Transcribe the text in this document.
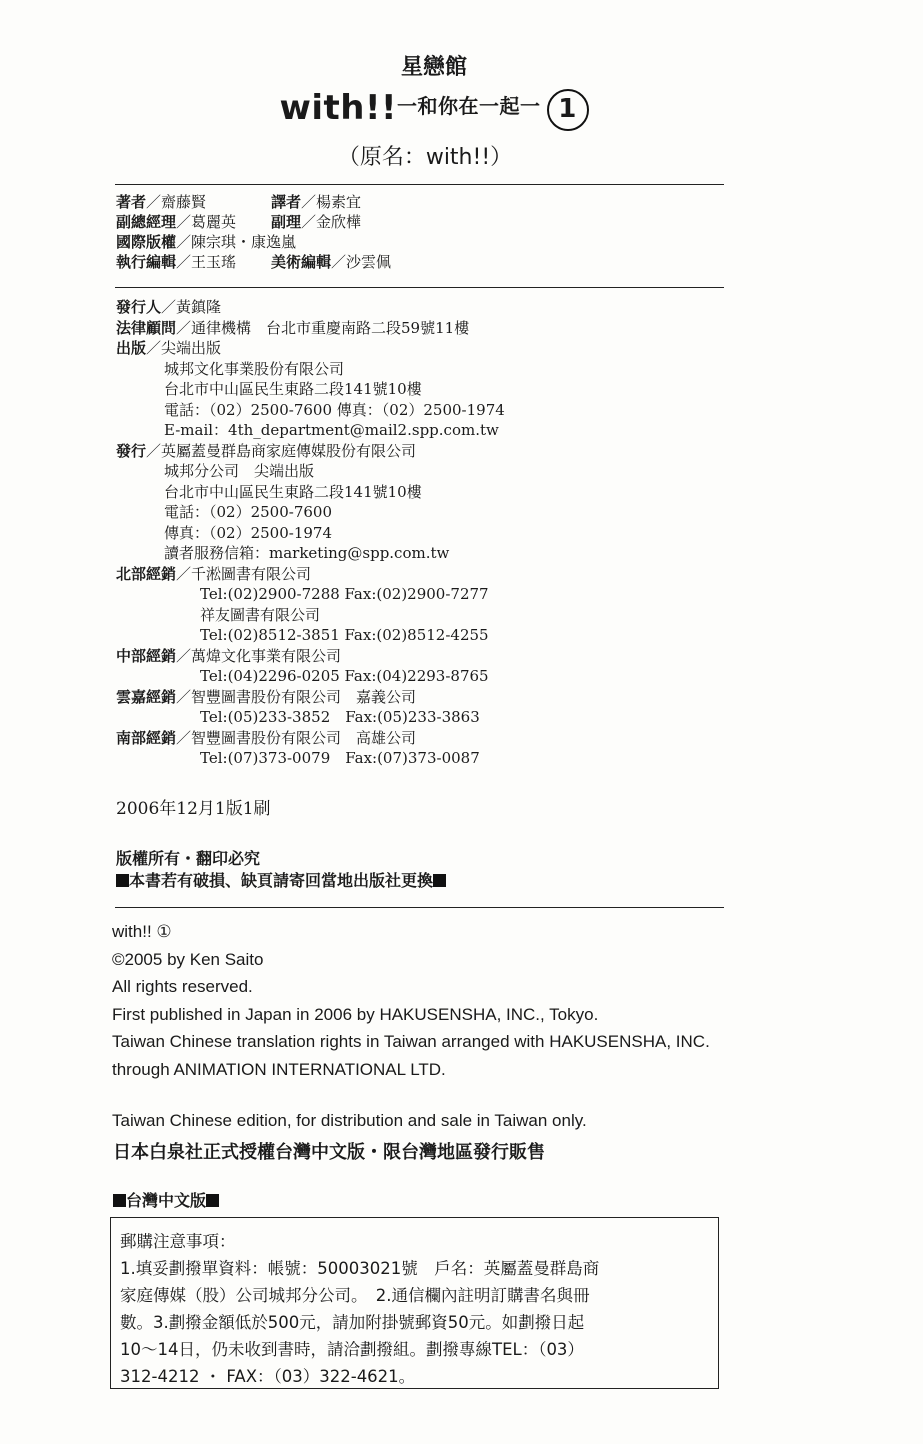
星戀館
with!!$^{一和你在一起一}$ 1
（原名：with!!）
著者／齋藤賢	譯者／楊素宜
副總經理／葛麗英 副理／金欣樺
國際版權／陳宗琪・康逸嵐
執行編輯／王玉瑤 美術編輯／沙雲佩
發行人／黃鎮隆
法律顧問／通律機構　台北市重慶南路二段59號11樓
出版／尖端出版
城邦文化事業股份有限公司
台北市中山區民生東路二段141號10樓
電話：（02）2500-7600 傳真：（02）2500-1974
E-mail：4th_department@mail2.spp.com.tw
發行／英屬蓋曼群島商家庭傳媒股份有限公司
城邦分公司　尖端出版
台北市中山區民生東路二段141號10樓
電話：（02）2500-7600
傳真：（02）2500-1974
讀者服務信箱：marketing@spp.com.tw
北部經銷／千淞圖書有限公司
Tel:(02)2900-7288 Fax:(02)2900-7277
祥友圖書有限公司
Tel:(02)8512-3851 Fax:(02)8512-4255
中部經銷／萬煒文化事業有限公司
Tel:(04)2296-0205 Fax:(04)2293-8765
雲嘉經銷／智豐圖書股份有限公司　嘉義公司
Tel:(05)233-3852　Fax:(05)233-3863
南部經銷／智豐圖書股份有限公司　高雄公司
Tel:(07)373-0079　Fax:(07)373-0087
2006年12月1版1刷
版權所有・翻印必究
本書若有破損、缺頁請寄回當地出版社更換
with!! ①
©2005 by Ken Saito
All rights reserved.
First published in Japan in 2006 by HAKUSENSHA, INC., Tokyo.
Taiwan Chinese translation rights in Taiwan arranged with HAKUSENSHA, INC.
through ANIMATION INTERNATIONAL LTD.
Taiwan Chinese edition, for distribution and sale in Taiwan only.
日本白泉社正式授權台灣中文版・限台灣地區發行販售
台灣中文版
郵購注意事項：
1.填妥劃撥單資料：帳號：50003021號　戶名：英屬蓋曼群島商
家庭傳媒（股）公司城邦分公司。　2.通信欄內註明訂購書名與冊
數。3.劃撥金額低於500元，請加附掛號郵資50元。如劃撥日起
10～14日，仍未收到書時，請洽劃撥組。劃撥專線TEL：（03）
312-4212 ・ FAX：（03）322-4621。
